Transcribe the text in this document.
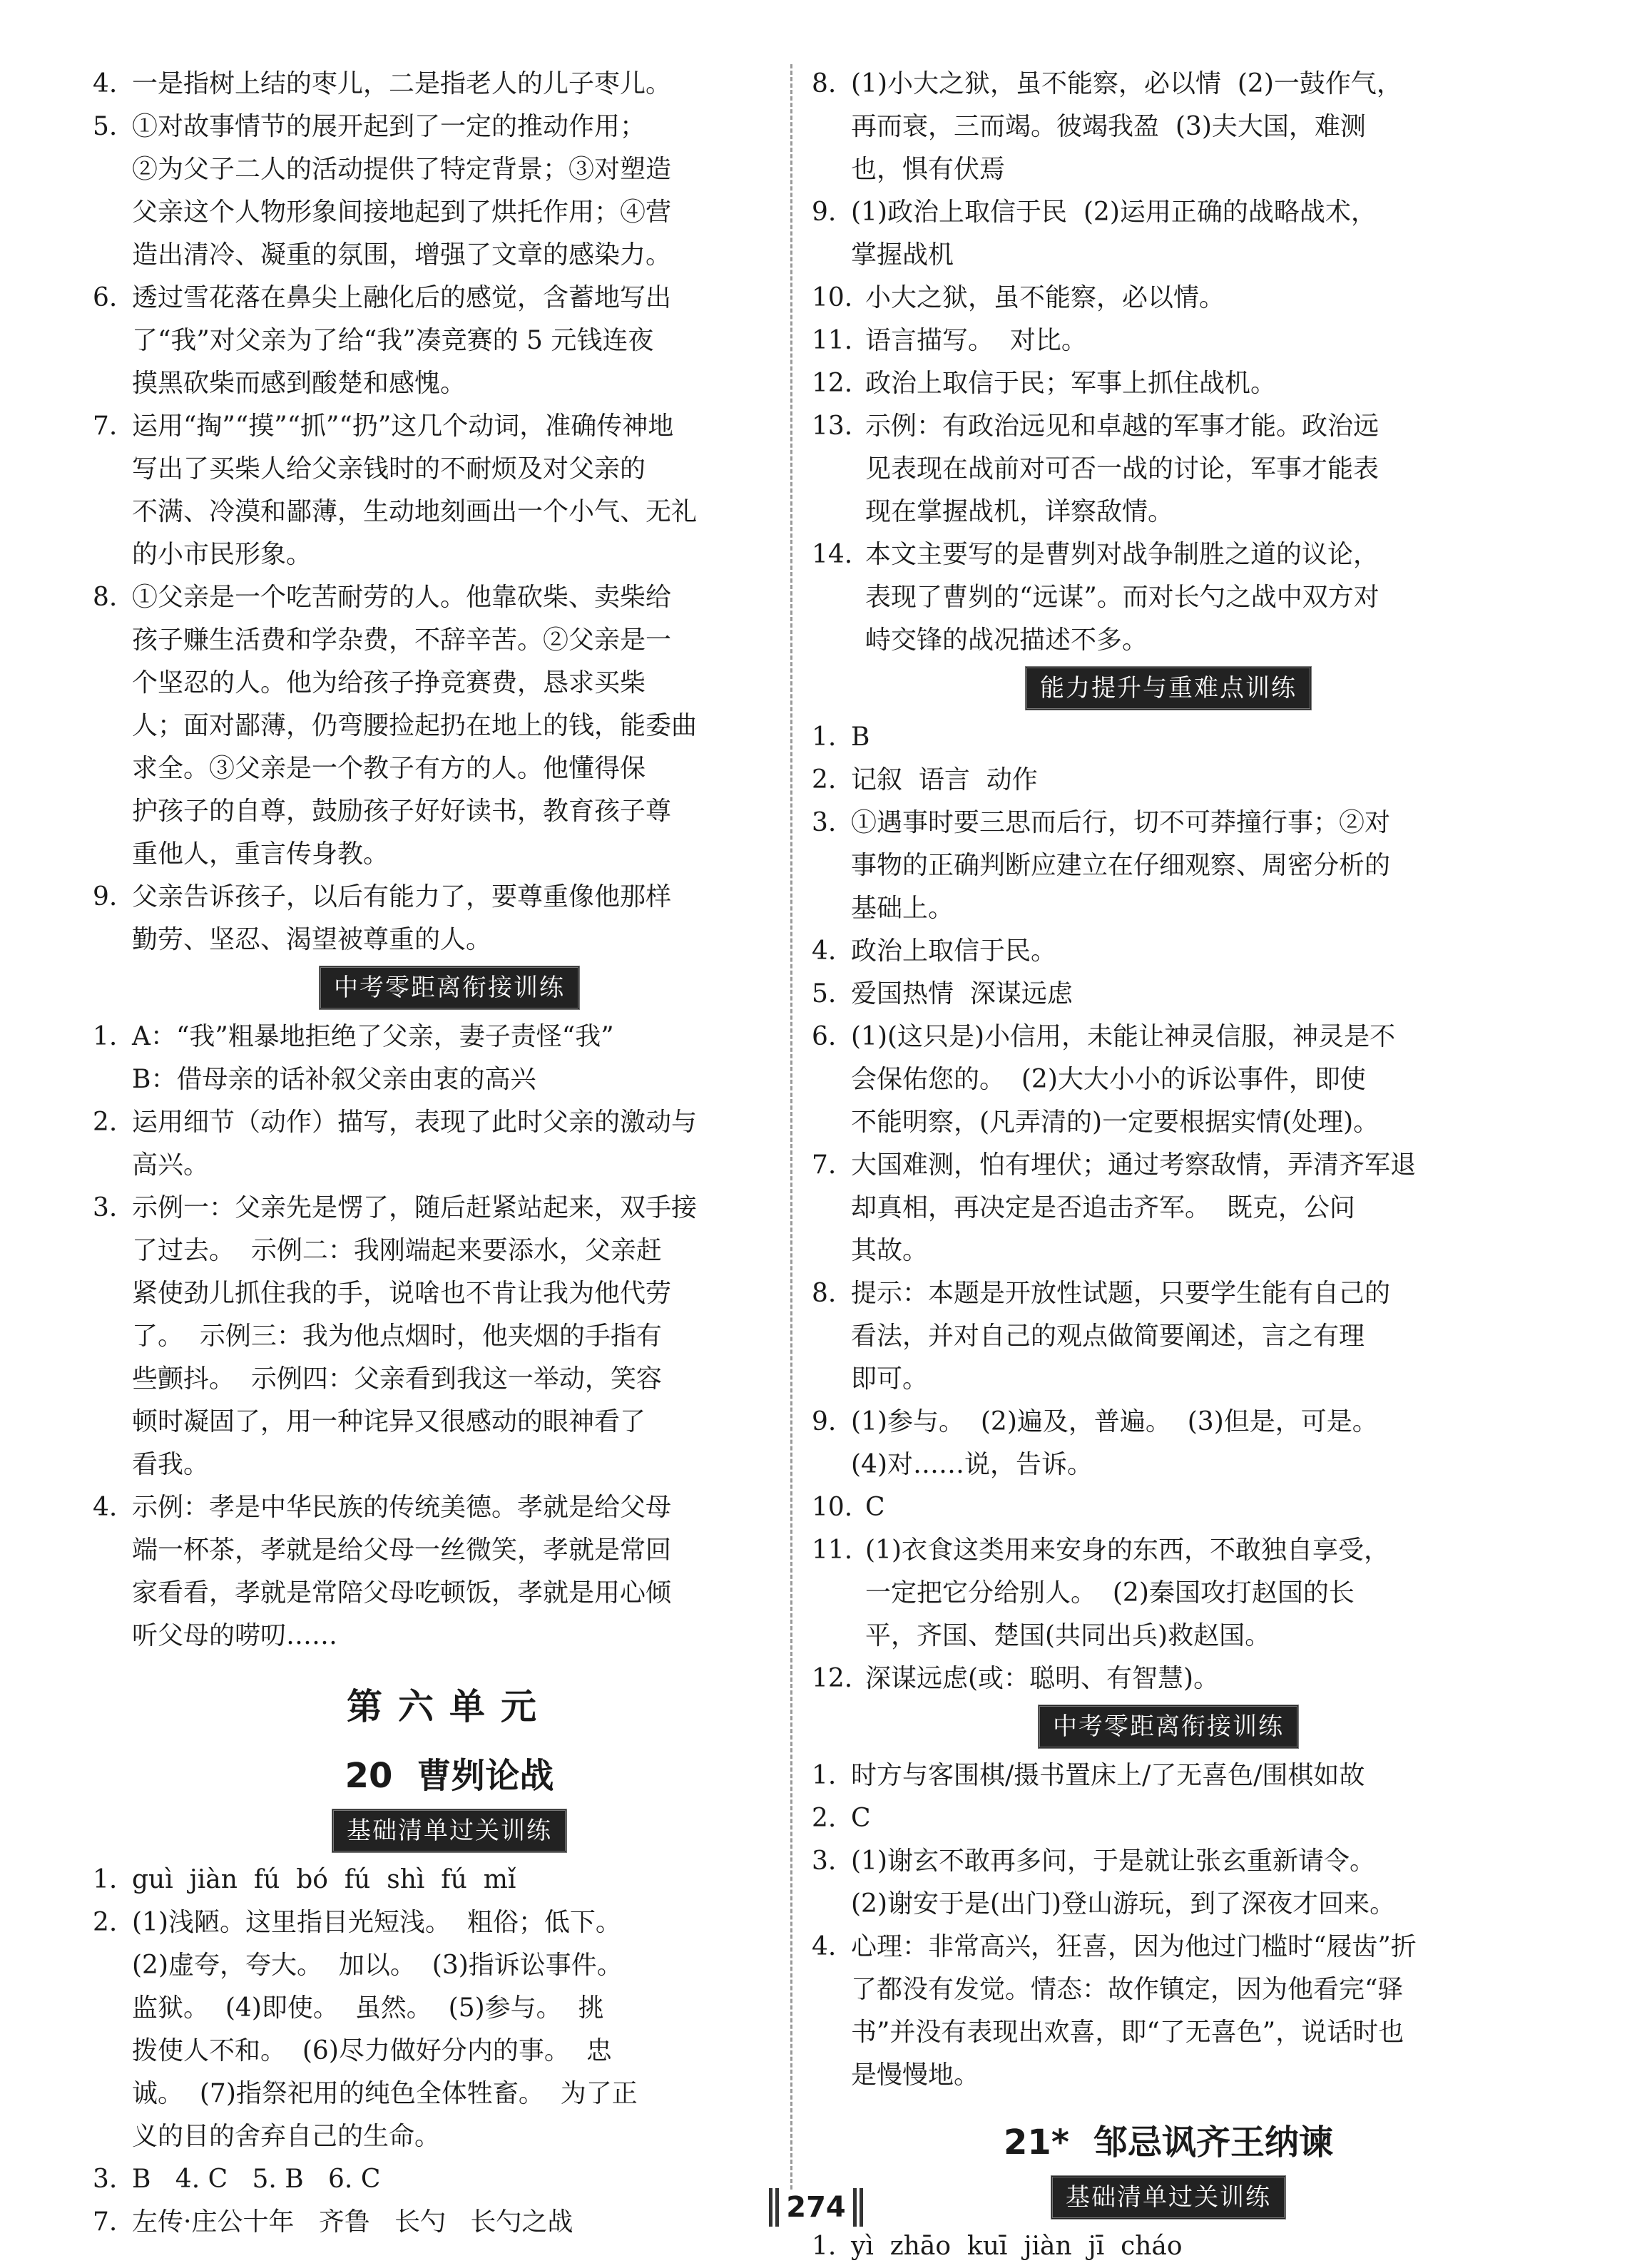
4. 一是指树上结的枣儿，二是指老人的儿子枣儿。
5. ①对故事情节的展开起到了一定的推动作用；
②为父子二人的活动提供了特定背景；③对塑造
父亲这个人物形象间接地起到了烘托作用；④营
造出清冷、凝重的氛围，增强了文章的感染力。
6. 透过雪花落在鼻尖上融化后的感觉，含蓄地写出
了“我”对父亲为了给“我”凑竞赛的 5 元钱连夜
摸黑砍柴而感到酸楚和感愧。
7. 运用“掏”“摸”“抓”“扔”这几个动词，准确传神地
写出了买柴人给父亲钱时的不耐烦及对父亲的
不满、冷漠和鄙薄，生动地刻画出一个小气、无礼
的小市民形象。
8. ①父亲是一个吃苦耐劳的人。他靠砍柴、卖柴给
孩子赚生活费和学杂费，不辞辛苦。②父亲是一
个坚忍的人。他为给孩子挣竞赛费，恳求买柴
人；面对鄙薄，仍弯腰捡起扔在地上的钱，能委曲
求全。③父亲是一个教子有方的人。他懂得保
护孩子的自尊，鼓励孩子好好读书，教育孩子尊
重他人，重言传身教。
9. 父亲告诉孩子，以后有能力了，要尊重像他那样
勤劳、坚忍、渴望被尊重的人。
中考零距离衔接训练
1. A：“我”粗暴地拒绝了父亲，妻子责怪“我”
B：借母亲的话补叙父亲由衷的高兴
2. 运用细节（动作）描写，表现了此时父亲的激动与
高兴。
3. 示例一：父亲先是愣了，随后赶紧站起来，双手接
了过去。  示例二：我刚端起来要添水，父亲赶
紧使劲儿抓住我的手，说啥也不肯让我为他代劳
了。  示例三：我为他点烟时，他夹烟的手指有
些颤抖。  示例四：父亲看到我这一举动，笑容
顿时凝固了，用一种诧异又很感动的眼神看了
看我。
4. 示例：孝是中华民族的传统美德。孝就是给父母
端一杯茶，孝就是给父母一丝微笑，孝就是常回
家看看，孝就是常陪父母吃顿饭，孝就是用心倾
听父母的唠叨……
第六单元
20 曹刿论战
基础清单过关训练
1. guì  jiàn  fú  bó  fú  shì  fú  mǐ
2. (1)浅陋。这里指目光短浅。  粗俗；低下。
(2)虚夸，夸大。  加以。  (3)指诉讼事件。
监狱。  (4)即使。  虽然。  (5)参与。  挑
拨使人不和。  (6)尽力做好分内的事。  忠
诚。  (7)指祭祀用的纯色全体牲畜。  为了正
义的目的舍弃自己的生命。
3. B   4. C   5. B   6. C
7. 左传·庄公十年   齐鲁   长勺   长勺之战
8. (1)小大之狱，虽不能察，必以情  (2)一鼓作气，
再而衰，三而竭。彼竭我盈  (3)夫大国，难测
也，惧有伏焉
9. (1)政治上取信于民  (2)运用正确的战略战术，
掌握战机
10. 小大之狱，虽不能察，必以情。
11. 语言描写。  对比。
12. 政治上取信于民；军事上抓住战机。
13. 示例：有政治远见和卓越的军事才能。政治远
见表现在战前对可否一战的讨论，军事才能表
现在掌握战机，详察敌情。
14. 本文主要写的是曹刿对战争制胜之道的议论，
表现了曹刿的“远谋”。而对长勺之战中双方对
峙交锋的战况描述不多。
能力提升与重难点训练
1. B
2. 记叙  语言  动作
3. ①遇事时要三思而后行，切不可莽撞行事；②对
事物的正确判断应建立在仔细观察、周密分析的
基础上。
4. 政治上取信于民。
5. 爱国热情  深谋远虑
6. (1)(这只是)小信用，未能让神灵信服，神灵是不
会保佑您的。  (2)大大小小的诉讼事件，即使
不能明察，(凡弄清的)一定要根据实情(处理)。
7. 大国难测，怕有埋伏；通过考察敌情，弄清齐军退
却真相，再决定是否追击齐军。  既克，公问
其故。
8. 提示：本题是开放性试题，只要学生能有自己的
看法，并对自己的观点做简要阐述，言之有理
即可。
9. (1)参与。  (2)遍及，普遍。  (3)但是，可是。
(4)对……说，告诉。
10. C
11. (1)衣食这类用来安身的东西，不敢独自享受，
一定把它分给别人。  (2)秦国攻打赵国的长
平，齐国、楚国(共同出兵)救赵国。
12. 深谋远虑(或：聪明、有智慧)。
中考零距离衔接训练
1. 时方与客围棋/摄书置床上/了无喜色/围棋如故
2. C
3. (1)谢玄不敢再多问，于是就让张玄重新请令。
(2)谢安于是(出门)登山游玩，到了深夜才回来。
4. 心理：非常高兴，狂喜，因为他过门槛时“屐齿”折
了都没有发觉。情态：故作镇定，因为他看完“驿
书”并没有表现出欢喜，即“了无喜色”，说话时也
是慢慢地。
21* 邹忌讽齐王纳谏
基础清单过关训练
1. yì  zhāo  kuī  jiàn  jī  cháo
274
